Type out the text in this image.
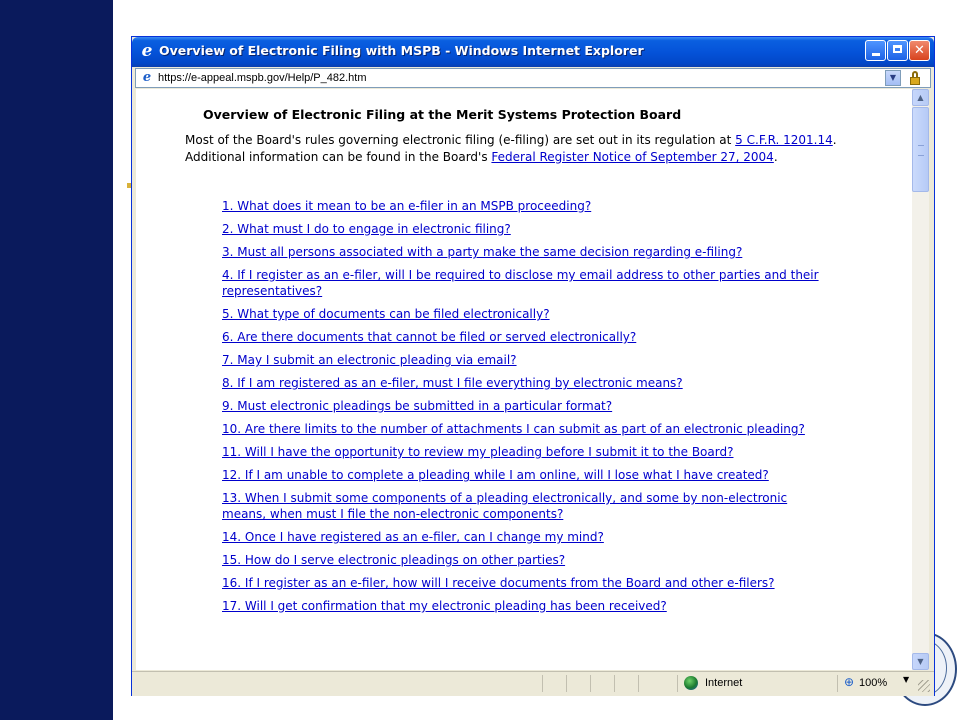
e Overview of Electronic Filing with MSPB - Windows Internet Explorer	✕
e https://e-appeal.mspb.gov/Help/P_482.htm	▼
Overview of Electronic Filing at the Merit Systems Protection Board
Most of the Board's rules governing electronic filing (e-filing) are set out in its regulation at 5 C.F.R. 1201.14. Additional information can be found in the Board's Federal Register Notice of September 27, 2004.
1. What does it mean to be an e-filer in an MSPB proceeding?
2. What must I do to engage in electronic filing?
3. Must all persons associated with a party make the same decision regarding e-filing?
4. If I register as an e-filer, will I be required to disclose my email address to other parties and their representatives?
5. What type of documents can be filed electronically?
6. Are there documents that cannot be filed or served electronically?
7. May I submit an electronic pleading via email?
8. If I am registered as an e-filer, must I file everything by electronic means?
9. Must electronic pleadings be submitted in a particular format?
10. Are there limits to the number of attachments I can submit as part of an electronic pleading?
11. Will I have the opportunity to review my pleading before I submit it to the Board?
12. If I am unable to complete a pleading while I am online, will I lose what I have created?
13. When I submit some components of a pleading electronically, and some by non-electronic means, when must I file the non-electronic components?
14. Once I have registered as an e-filer, can I change my mind?
15. How do I serve electronic pleadings on other parties?
16. If I register as an e-filer, how will I receive documents from the Board and other e-filers?
17. Will I get confirmation that my electronic pleading has been received?
▲
▼
Internet	⊕ 100% ▼
